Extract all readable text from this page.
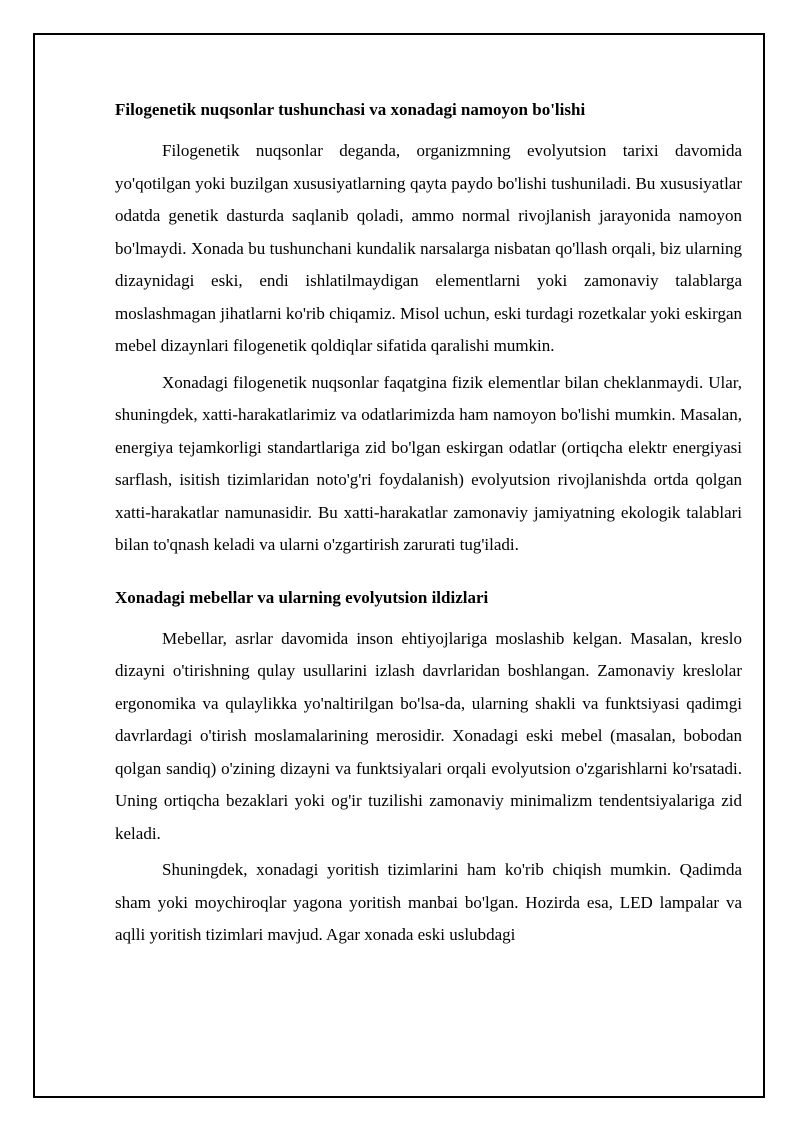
Filogenetik nuqsonlar tushunchasi va xonadagi namoyon bo'lishi

Filogenetik nuqsonlar deganda, organizmning evolyutsion tarixi davomida yo'qotilgan yoki buzilgan xususiyatlarning qayta paydo bo'lishi tushuniladi. Bu xususiyatlar odatda genetik dasturda saqlanib qoladi, ammo normal rivojlanish jarayonida namoyon bo'lmaydi. Xonada bu tushunchani kundalik narsalarga nisbatan qo'llash orqali, biz ularning dizaynidagi eski, endi ishlatilmaydigan elementlarni yoki zamonaviy talablarga moslashmagan jihatlarni ko'rib chiqamiz. Misol uchun, eski turdagi rozetkalar yoki eskirgan mebel dizaynlari filogenetik qoldiqlar sifatida qaralishi mumkin.

Xonadagi filogenetik nuqsonlar faqatgina fizik elementlar bilan cheklanmaydi. Ular, shuningdek, xatti-harakatlarimiz va odatlarimizda ham namoyon bo'lishi mumkin. Masalan, energiya tejamkorligi standartlariga zid bo'lgan eskirgan odatlar (ortiqcha elektr energiyasi sarflash, isitish tizimlaridan noto'g'ri foydalanish) evolyutsion rivojlanishda ortda qolgan xatti-harakatlar namunasidir. Bu xatti-harakatlar zamonaviy jamiyatning ekologik talablari bilan to'qnash keladi va ularni o'zgartirish zarurati tug'iladi.

Xonadagi mebellar va ularning evolyutsion ildizlari

Mebellar, asrlar davomida inson ehtiyojlariga moslashib kelgan. Masalan, kreslo dizayni o'tirishning qulay usullarini izlash davrlaridan boshlangan. Zamonaviy kreslolar ergonomika va qulaylikka yo'naltirilgan bo'lsa-da, ularning shakli va funktsiyasi qadimgi davrlardagi o'tirish moslamalarining merosidir. Xonadagi eski mebel (masalan, bobodan qolgan sandiq) o'zining dizayni va funktsiyalari orqali evolyutsion o'zgarishlarni ko'rsatadi. Uning ortiqcha bezaklari yoki og'ir tuzilishi zamonaviy minimalizm tendentsiyalariga zid keladi.

Shuningdek, xonadagi yoritish tizimlarini ham ko'rib chiqish mumkin. Qadimda sham yoki moychiroqlar yagona yoritish manbai bo'lgan. Hozirda esa, LED lampalar va aqlli yoritish tizimlari mavjud. Agar xonada eski uslubdagi
